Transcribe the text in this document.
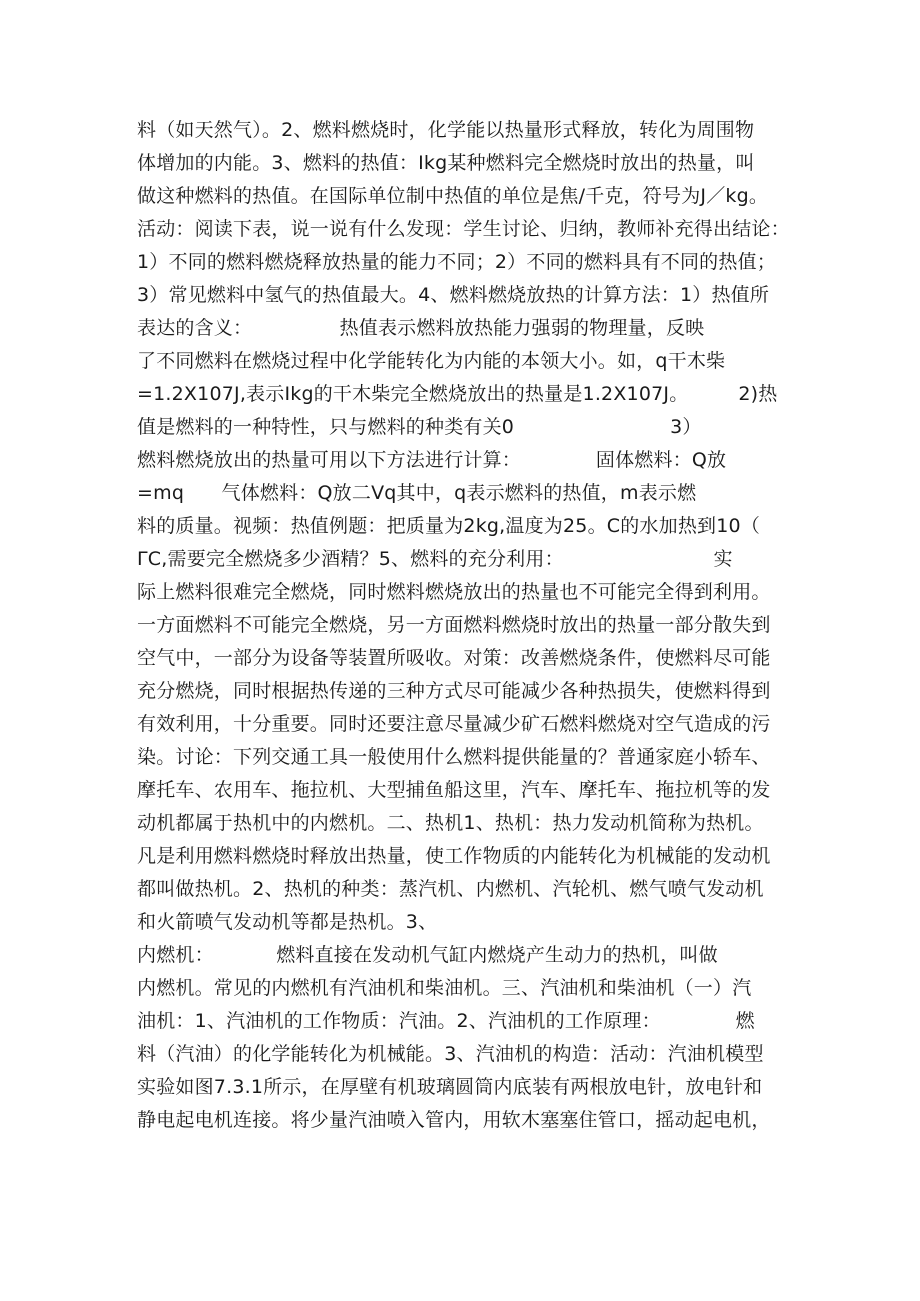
料（如天然气）。2、燃料燃烧时，化学能以热量形式释放，转化为周围物
体增加的内能。3、燃料的热值：Ikg某种燃料完全燃烧时放出的热量，叫
做这种燃料的热值。在国际单位制中热值的单位是焦/千克，符号为J／kg。
活动：阅读下表，说一说有什么发现：学生讨论、归纳，教师补充得出结论：
1）不同的燃料燃烧释放热量的能力不同；2）不同的燃料具有不同的热值；
3）常见燃料中氢气的热值最大。4、燃料燃烧放热的计算方法：1）热值所
表达的含义：              热值表示燃料放热能力强弱的物理量，反映
了不同燃料在燃烧过程中化学能转化为内能的本领大小。如，q干木柴
=1.2X107J,表示Ikg的干木柴完全燃烧放出的热量是1.2X107J。        2)热
值是燃料的一种特性，只与燃料的种类有关0                         3）
燃料燃烧放出的热量可用以下方法进行计算：            固体燃料：Q放
=mq      气体燃料：Q放二Vq其中，q表示燃料的热值，m表示燃
料的质量。视频：热值例题：把质量为2kg,温度为25。C的水加热到10（
ΓC,需要完全燃烧多少酒精？5、燃料的充分利用：                        实
际上燃料很难完全燃烧，同时燃料燃烧放出的热量也不可能完全得到利用。
一方面燃料不可能完全燃烧，另一方面燃料燃烧时放出的热量一部分散失到
空气中，一部分为设备等装置所吸收。对策：改善燃烧条件，使燃料尽可能
充分燃烧，同时根据热传递的三种方式尽可能减少各种热损失，使燃料得到
有效利用，十分重要。同时还要注意尽量减少矿石燃料燃烧对空气造成的污
染。讨论：下列交通工具一般使用什么燃料提供能量的？普通家庭小轿车、
摩托车、农用车、拖拉机、大型捕鱼船这里，汽车、摩托车、拖拉机等的发
动机都属于热机中的内燃机。二、热机1、热机：热力发动机简称为热机。
凡是利用燃料燃烧时释放出热量，使工作物质的内能转化为机械能的发动机
都叫做热机。2、热机的种类：蒸汽机、内燃机、汽轮机、燃气喷气发动机
和火箭喷气发动机等都是热机。3、
内燃机：          燃料直接在发动机气缸内燃烧产生动力的热机，叫做
内燃机。常见的内燃机有汽油机和柴油机。三、汽油机和柴油机（一）汽
油机：1、汽油机的工作物质：汽油。2、汽油机的工作原理：            燃
料（汽油）的化学能转化为机械能。3、汽油机的构造：活动：汽油机模型
实验如图7.3.1所示，在厚壁有机玻璃圆筒内底装有两根放电针，放电针和
静电起电机连接。将少量汽油喷入管内，用软木塞塞住管口，摇动起电机，
